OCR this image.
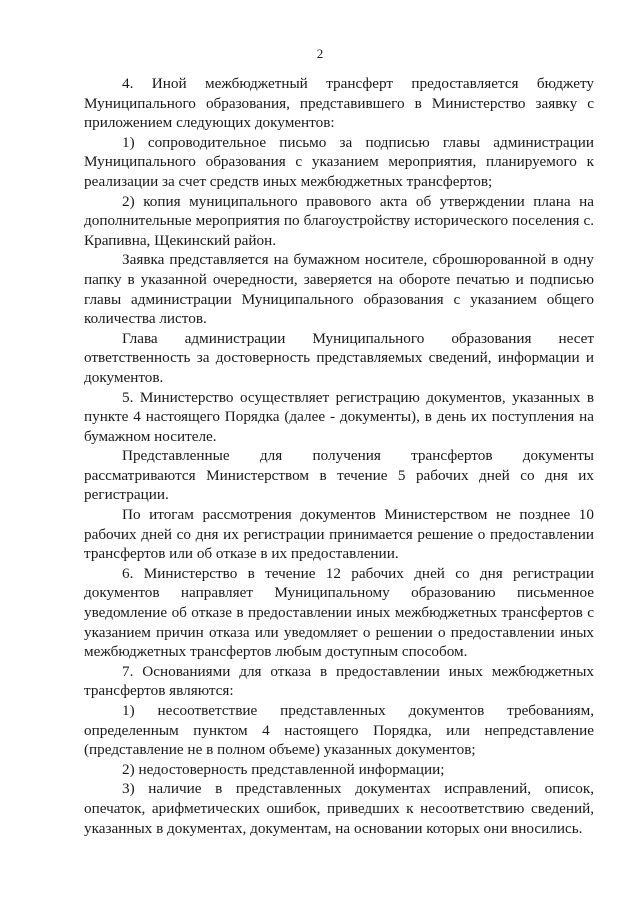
2

4. Иной межбюджетный трансферт предоставляется бюджету Муниципального образования, представившего в Министерство заявку с приложением следующих документов:

1) сопроводительное письмо за подписью главы администрации Муниципального образования с указанием мероприятия, планируемого к реализации за счет средств иных межбюджетных трансфертов;

2) копия муниципального правового акта об утверждении плана на дополнительные мероприятия по благоустройству исторического поселения с. Крапивна, Щекинский район.

Заявка представляется на бумажном носителе, сброшюрованной в одну папку в указанной очередности, заверяется на обороте печатью и подписью главы администрации Муниципального образования с указанием общего количества листов.

Глава администрации Муниципального образования несет ответственность за достоверность представляемых сведений, информации и документов.

5. Министерство осуществляет регистрацию документов, указанных в пункте 4 настоящего Порядка (далее - документы), в день их поступления на бумажном носителе.

Представленные для получения трансфертов документы рассматриваются Министерством в течение 5 рабочих дней со дня их регистрации.

По итогам рассмотрения документов Министерством не позднее 10 рабочих дней со дня их регистрации принимается решение о предоставлении трансфертов или об отказе в их предоставлении.

6. Министерство в течение 12 рабочих дней со дня регистрации документов направляет Муниципальному образованию письменное уведомление об отказе в предоставлении иных межбюджетных трансфертов с указанием причин отказа или уведомляет о решении о предоставлении иных межбюджетных трансфертов любым доступным способом.

7. Основаниями для отказа в предоставлении иных межбюджетных трансфертов являются:

1) несоответствие представленных документов требованиям, определенным пунктом 4 настоящего Порядка, или непредставление (представление не в полном объеме) указанных документов;

2) недостоверность представленной информации;

3) наличие в представленных документах исправлений, описок, опечаток, арифметических ошибок, приведших к несоответствию сведений, указанных в документах, документам, на основании которых они вносились.
